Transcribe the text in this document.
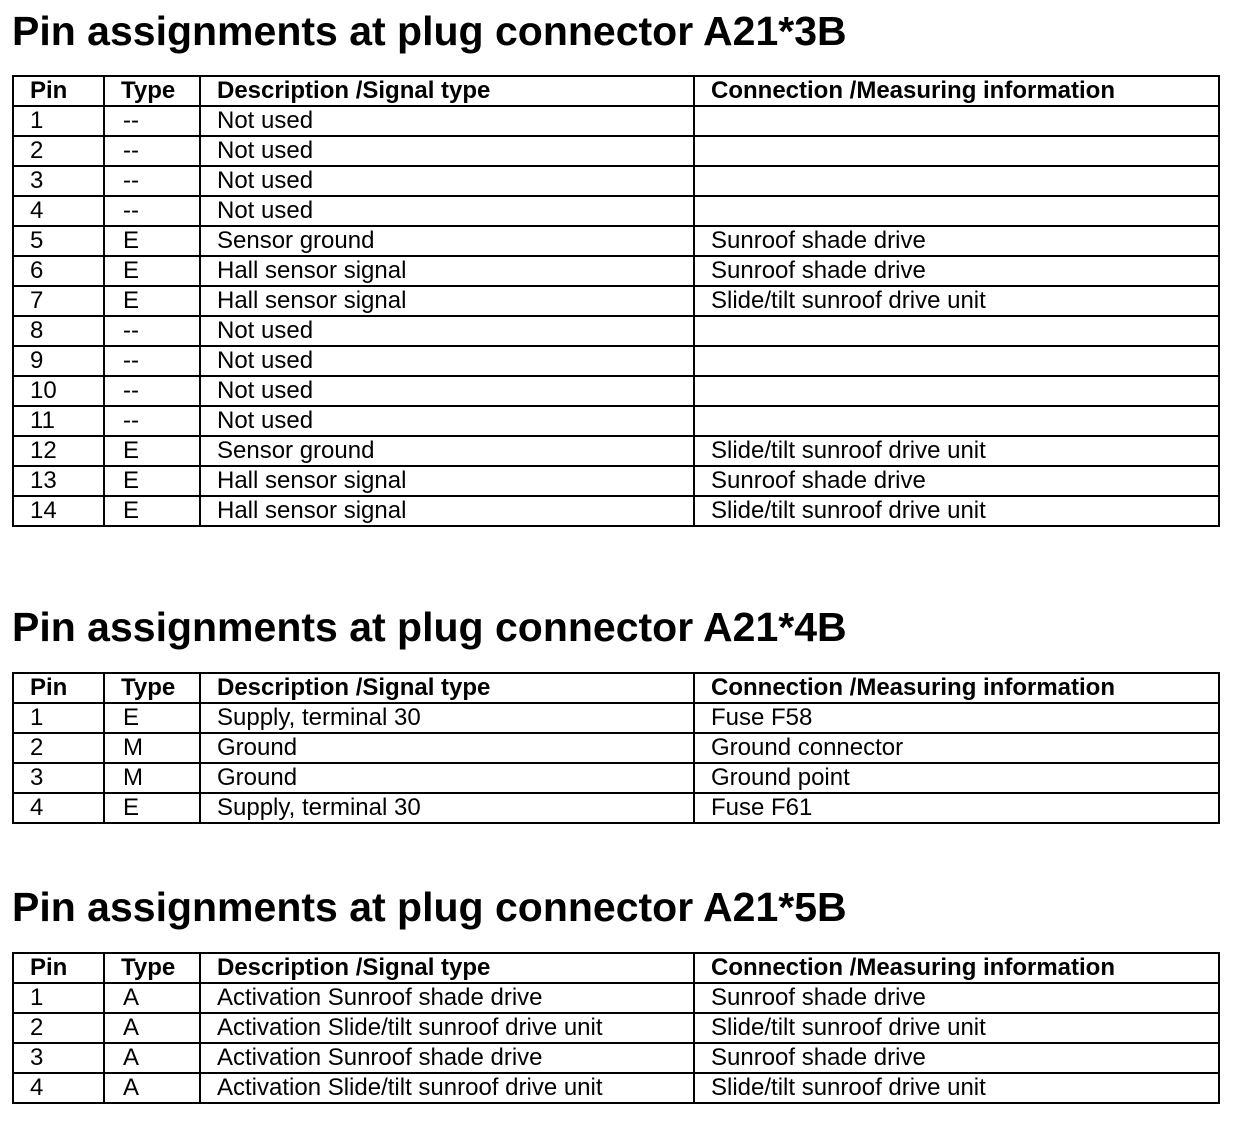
Pin assignments at plug connector A21*3B
Pin	Type	Description /Signal type	Connection /Measuring information
1	--	Not used	
2	--	Not used	
3	--	Not used	
4	--	Not used	
5	E	Sensor ground	Sunroof shade drive
6	E	Hall sensor signal	Sunroof shade drive
7	E	Hall sensor signal	Slide/tilt sunroof drive unit
8	--	Not used	
9	--	Not used	
10	--	Not used	
11	--	Not used	
12	E	Sensor ground	Slide/tilt sunroof drive unit
13	E	Hall sensor signal	Sunroof shade drive
14	E	Hall sensor signal	Slide/tilt sunroof drive unit
Pin assignments at plug connector A21*4B
Pin	Type	Description /Signal type	Connection /Measuring information
1	E	Supply, terminal 30	Fuse F58
2	M	Ground	Ground connector
3	M	Ground	Ground point
4	E	Supply, terminal 30	Fuse F61
Pin assignments at plug connector A21*5B
Pin	Type	Description /Signal type	Connection /Measuring information
1	A	Activation Sunroof shade drive	Sunroof shade drive
2	A	Activation Slide/tilt sunroof drive unit	Slide/tilt sunroof drive unit
3	A	Activation Sunroof shade drive	Sunroof shade drive
4	A	Activation Slide/tilt sunroof drive unit	Slide/tilt sunroof drive unit
